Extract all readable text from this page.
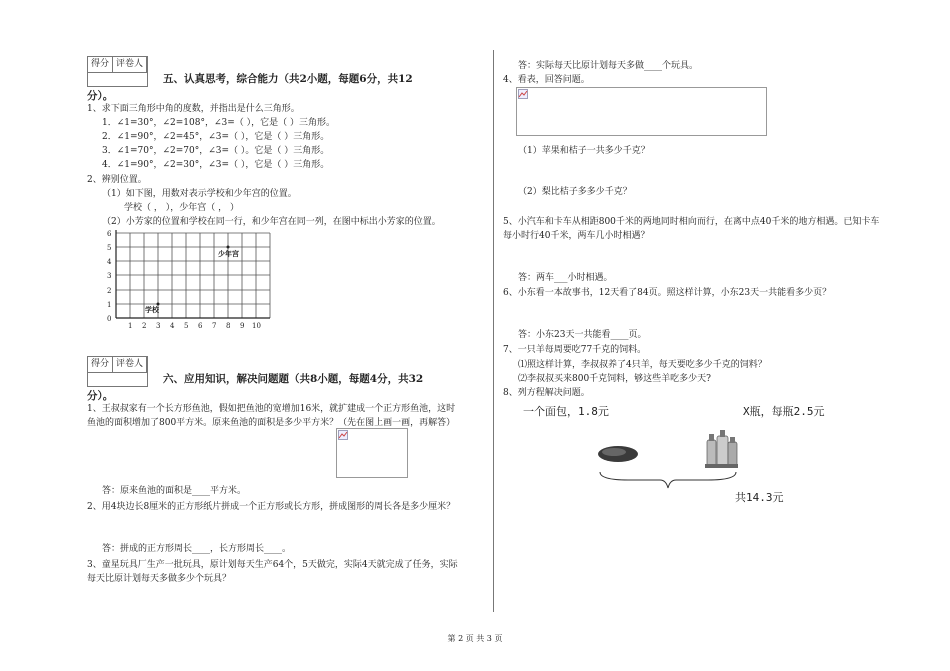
得分 评卷人
五、认真思考，综合能力（共2小题，每题6分，共12
分）。
1、求下面三角形中角的度数，并指出是什么三角形。
1．∠1=30°，∠2=108°，∠3=（ ），它是（ ）三角形。
2．∠1=90°，∠2=45°，∠3=（ ），它是（ ）三角形。
3．∠1=70°，∠2=70°，∠3=（ ）。它是（ ）三角形。
4．∠1=90°，∠2=30°，∠3=（ ），它是（ ）三角形。
2、辨别位置。
（1）如下图，用数对表示学校和少年宫的位置。
学校（ ， ），少年宫（ ， ）
（2）小芳家的位置和学校在同一行，和少年宫在同一列，在图中标出小芳家的位置。
6
5
4
3
2
1
0
1 2 3 4 5 6 7 8 9 10
少年宫
学校
得分 评卷人
六、应用知识，解决问题题（共8小题，每题4分，共32
分）。
1、王叔叔家有一个长方形鱼池，假如把鱼池的宽增加16米，就扩建成一个正方形鱼池，这时
鱼池的面积增加了800平方米。原来鱼池的面积是多少平方米？（先在图上画一画，再解答）
答：原来鱼池的面积是____平方米。
2、用4块边长8厘米的正方形纸片拼成一个正方形或长方形，拼成图形的周长各是多少厘米？
答：拼成的正方形周长____，长方形周长____。
3、童星玩具厂生产一批玩具，原计划每天生产64个，5天做完，实际4天就完成了任务，实际
每天比原计划每天多做多少个玩具？
答：实际每天比原计划每天多做____个玩具。
4、看表，回答问题。
（1）苹果和桔子一共多少千克？
（2）梨比桔子多多少千克？
5、小汽车和卡车从相距800千米的两地同时相向而行，在离中点40千米的地方相遇。已知卡车
每小时行40千米，两车几小时相遇？
答：两车___小时相遇。
6、小东看一本故事书，12天看了84页。照这样计算，小东23天一共能看多少页？
答：小东23天一共能看____页。
7、一只羊每周要吃77千克的饲料。
⑴照这样计算，李叔叔养了4只羊，每天要吃多少千克的饲料？
⑵李叔叔买来800千克饲料，够这些羊吃多少天?
8、列方程解决问题。
一个面包，1.8元	X瓶，每瓶2.5元
共14.3元
第 2 页 共 3 页
